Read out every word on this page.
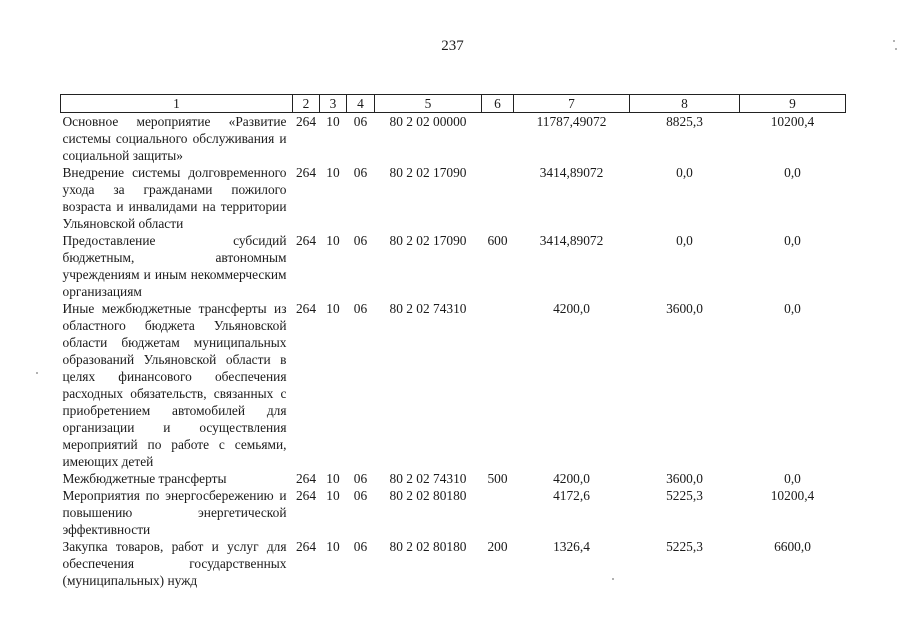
237
1	2	3	4	5	6	7	8	9
Основное мероприятие «Развитие системы социального обслуживания и социальной защиты»	264	10	06	80 2 02 00000		11787,49072	8825,3	10200,4
Внедрение системы долговременного ухода за гражданами пожилого возраста и инвалидами на территории Ульяновской области	264	10	06	80 2 02 17090		3414,89072	0,0	0,0
Предоставление субсидий бюджетным, автономным учреждениям и иным некоммерческим организациям	264	10	06	80 2 02 17090	600	3414,89072	0,0	0,0
Иные межбюджетные трансферты из областного бюджета Ульяновской области бюджетам муниципальных образований Ульяновской области в целях финансового обеспечения расходных обязательств, связанных с приобретением автомобилей для организации и осуществления мероприятий по работе с семьями, имеющих детей	264	10	06	80 2 02 74310		4200,0	3600,0	0,0
Межбюджетные трансферты	264	10	06	80 2 02 74310	500	4200,0	3600,0	0,0
Мероприятия по энергосбережению и повышению энергетической эффективности	264	10	06	80 2 02 80180		4172,6	5225,3	10200,4
Закупка товаров, работ и услуг для обеспечения государственных (муниципальных) нужд	264	10	06	80 2 02 80180	200	1326,4	5225,3	6600,0
